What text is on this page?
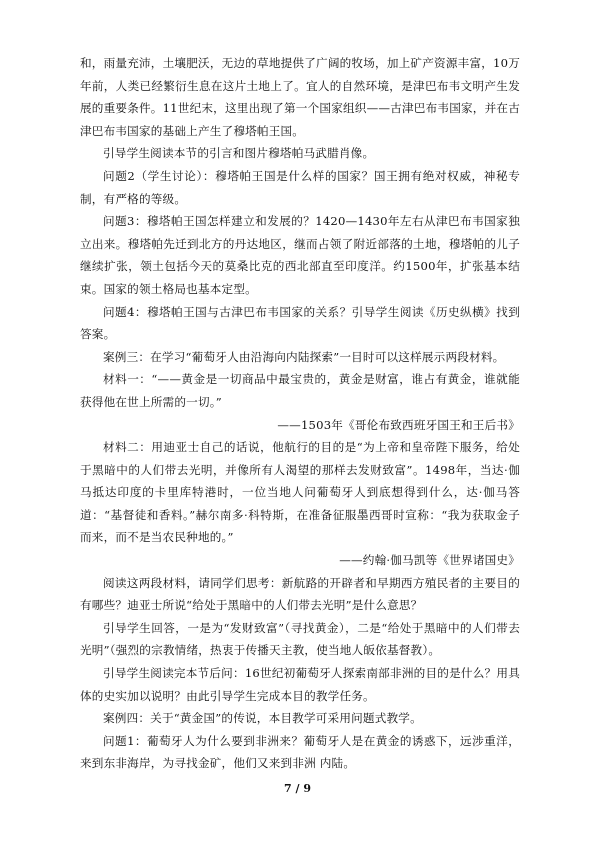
和，雨量充沛，土壤肥沃，无边的草地提供了广阔的牧场，加上矿产资源丰富，10万年前，人类已经繁衍生息在这片土地上了。宜人的自然环境，是津巴布韦文明产生发展的重要条件。11世纪末，这里出现了第一个国家组织——古津巴布韦国家，并在古津巴布韦国家的基础上产生了穆塔帕王国。

引导学生阅读本节的引言和图片穆塔帕马武腊肖像。

问题2（学生讨论）：穆塔帕王国是什么样的国家？国王拥有绝对权威，神秘专制，有严格的等级。

问题3：穆塔帕王国怎样建立和发展的？1420—1430年左右从津巴布韦国家独立出来。穆塔帕先迁到北方的丹达地区，继而占领了附近部落的土地，穆塔帕的儿子继续扩张，领土包括今天的莫桑比克的西北部直至印度洋。约1500年，扩张基本结束。国家的领土格局也基本定型。

问题4：穆塔帕王国与古津巴布韦国家的关系？引导学生阅读《历史纵横》找到答案。

案例三：在学习“葡萄牙人由沿海向内陆探索”一目时可以这样展示两段材料。

材料一：“——黄金是一切商品中最宝贵的，黄金是财富，谁占有黄金，谁就能获得他在世上所需的一切。”

——1503年《哥伦布致西班牙国王和王后书》

材料二：用迪亚士自己的话说，他航行的目的是“为上帝和皇帝陛下服务，给处于黑暗中的人们带去光明，并像所有人渴望的那样去发财致富”。1498年，当达·伽马抵达印度的卡里库特港时，一位当地人问葡萄牙人到底想得到什么，达·伽马答道：“基督徒和香料。”赫尔南多·科特斯，在准备征服墨西哥时宣称：“我为获取金子而来，而不是当农民种地的。”

——约翰·伽马凯等《世界诸国史》

阅读这两段材料，请同学们思考：新航路的开辟者和早期西方殖民者的主要目的有哪些？迪亚士所说“给处于黑暗中的人们带去光明”是什么意思？

引导学生回答，一是为“发财致富”（寻找黄金），二是“给处于黑暗中的人们带去光明”（强烈的宗教情绪，热衷于传播天主教，使当地人皈依基督教）。

引导学生阅读完本节后问：16世纪初葡萄牙人探索南部非洲的目的是什么？用具体的史实加以说明？由此引导学生完成本目的教学任务。

案例四：关于“黄金国”的传说，本目教学可采用问题式教学。

问题1：葡萄牙人为什么要到非洲来？葡萄牙人是在黄金的诱惑下，远涉重洋，来到东非海岸，为寻找金矿，他们又来到非洲 内陆。

7 / 9
